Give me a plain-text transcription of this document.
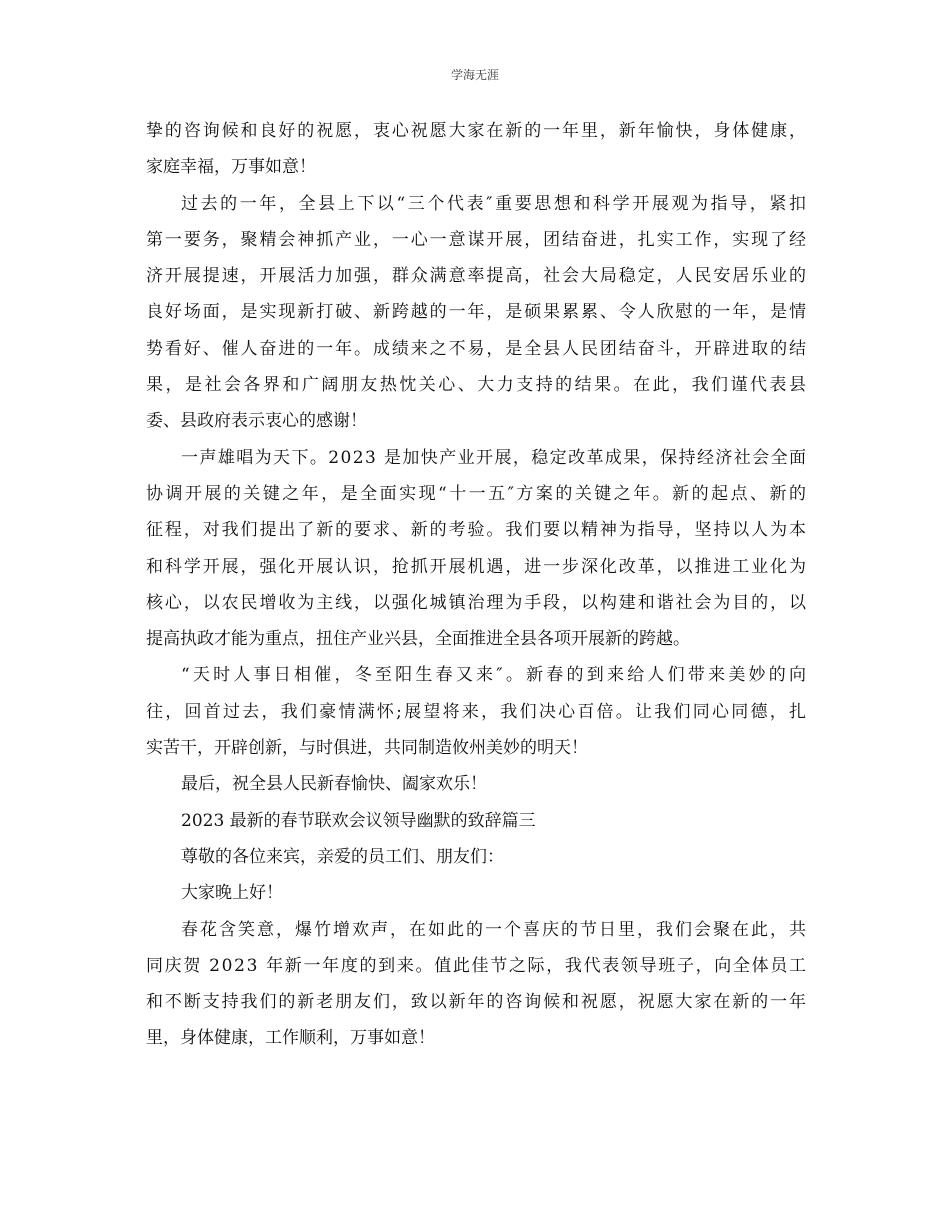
学海无涯
挚的咨询候和良好的祝愿，衷心祝愿大家在新的一年里，新年愉快，身体健康，
家庭幸福，万事如意！
过去的一年，全县上下以“三个代表″重要思想和科学开展观为指导，紧扣
第一要务，聚精会神抓产业，一心一意谋开展，团结奋进，扎实工作，实现了经
济开展提速，开展活力加强，群众满意率提高，社会大局稳定，人民安居乐业的
良好场面，是实现新打破、新跨越的一年，是硕果累累、令人欣慰的一年，是情
势看好、催人奋进的一年。成绩来之不易，是全县人民团结奋斗，开辟进取的结
果，是社会各界和广阔朋友热忱关心、大力支持的结果。在此，我们谨代表县
委、县政府表示衷心的感谢！
一声雄唱为天下。2023 是加快产业开展，稳定改革成果，保持经济社会全面
协调开展的关键之年，是全面实现“十一五″方案的关键之年。新的起点、新的
征程，对我们提出了新的要求、新的考验。我们要以精神为指导，坚持以人为本
和科学开展，强化开展认识，抢抓开展机遇，进一步深化改革，以推进工业化为
核心，以农民增收为主线，以强化城镇治理为手段，以构建和谐社会为目的，以
提高执政才能为重点，扭住产业兴县，全面推进全县各项开展新的跨越。
“天时人事日相催，冬至阳生春又来″。新春的到来给人们带来美妙的向
往，回首过去，我们豪情满怀;展望将来，我们决心百倍。让我们同心同德，扎
实苦干，开辟创新，与时俱进，共同制造攸州美妙的明天！
最后，祝全县人民新春愉快、阖家欢乐！
2023 最新的春节联欢会议领导幽默的致辞篇三
尊敬的各位来宾，亲爱的员工们、朋友们：
大家晚上好！
春花含笑意，爆竹增欢声，在如此的一个喜庆的节日里，我们会聚在此，共
同庆贺 2023 年新一年度的到来。值此佳节之际，我代表领导班子，向全体员工
和不断支持我们的新老朋友们，致以新年的咨询候和祝愿，祝愿大家在新的一年
里，身体健康，工作顺利，万事如意！
